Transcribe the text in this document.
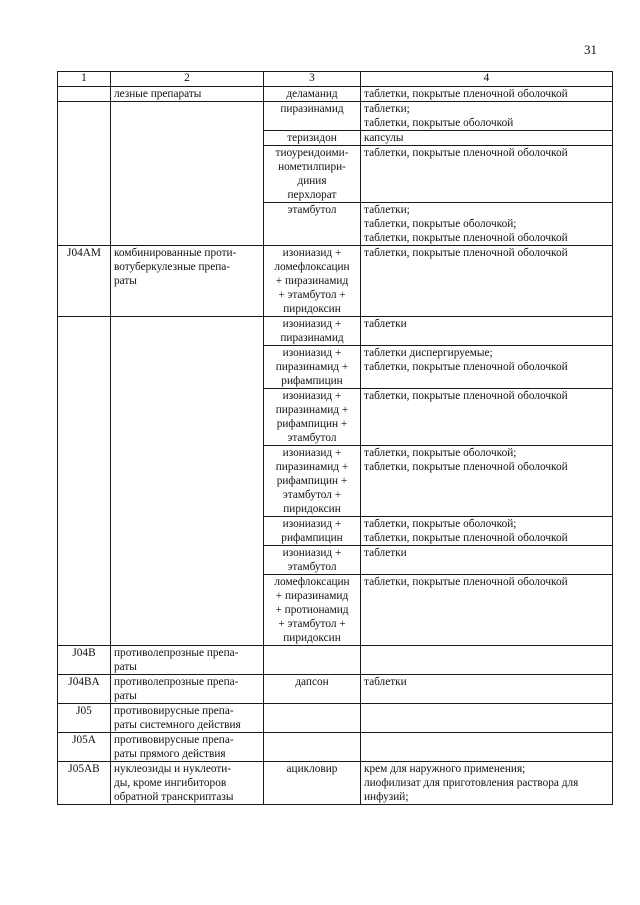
31
1	2	3	4

	лезные препараты	деламанид	таблетки, покрытые пленочной оболочкой

		пиразинамид	таблетки;
таблетки, покрытые оболочкой

		теризидон	капсулы

		тиоуреидоими-
нометилпири-
диния
перхлорат	таблетки, покрытые пленочной оболочкой

		этамбутол	таблетки;
таблетки, покрытые оболочкой;
таблетки, покрытые пленочной оболочкой

J04AM	комбинированные проти-
вотуберкулезные препа-
раты	изониазид +
ломефлоксацин
+ пиразинамид
+ этамбутол +
пиридоксин	таблетки, покрытые пленочной оболочкой

		изониазид +
пиразинамид	таблетки

		изониазид +
пиразинамид +
рифампицин	таблетки диспергируемые;
таблетки, покрытые пленочной оболочкой

		изониазид +
пиразинамид +
рифампицин +
этамбутол	таблетки, покрытые пленочной оболочкой

		изониазид +
пиразинамид +
рифампицин +
этамбутол +
пиридоксин	таблетки, покрытые оболочкой;
таблетки, покрытые пленочной оболочкой

		изониазид +
рифампицин	таблетки, покрытые оболочкой;
таблетки, покрытые пленочной оболочкой

		изониазид +
этамбутол	таблетки

		ломефлоксацин
+ пиразинамид
+ протионамид
+ этамбутол +
пиридоксин	таблетки, покрытые пленочной оболочкой

J04B	противолепрозные препа-
раты		

J04BA	противолепрозные препа-
раты	дапсон	таблетки

J05	противовирусные препа-
раты системного действия		

J05A	противовирусные препа-
раты прямого действия		

J05AB	нуклеозиды и нуклеоти-
ды, кроме ингибиторов
обратной транскриптазы	ацикловир	крем для наружного применения;
лиофилизат для приготовления раствора для
инфузий;
